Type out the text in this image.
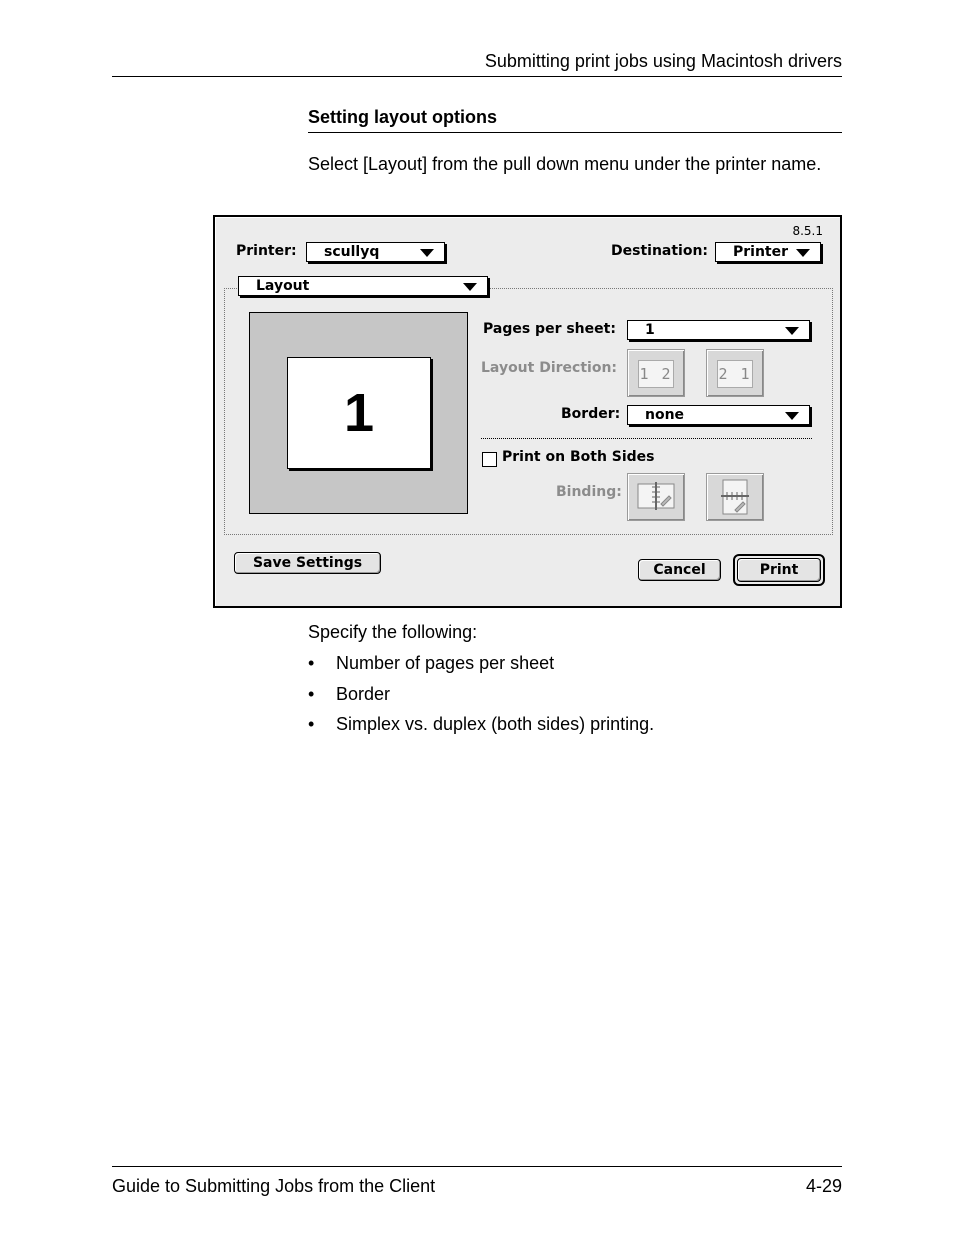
Submitting print jobs using Macintosh drivers
Setting layout options
Select [Layout] from the pull down menu under the printer name.
8.5.1
Printer:	scullyq	Destination:	Printer
Layout
1
Pages per sheet:	1
Layout Direction: 1 2	2 1
Border:	none
Print on Both Sides
Binding:
Save Settings	Cancel	Print
Specify the following:
• Number of pages per sheet
• Border
• Simplex vs. duplex (both sides) printing.
Guide to Submitting Jobs from the Client	4-29
